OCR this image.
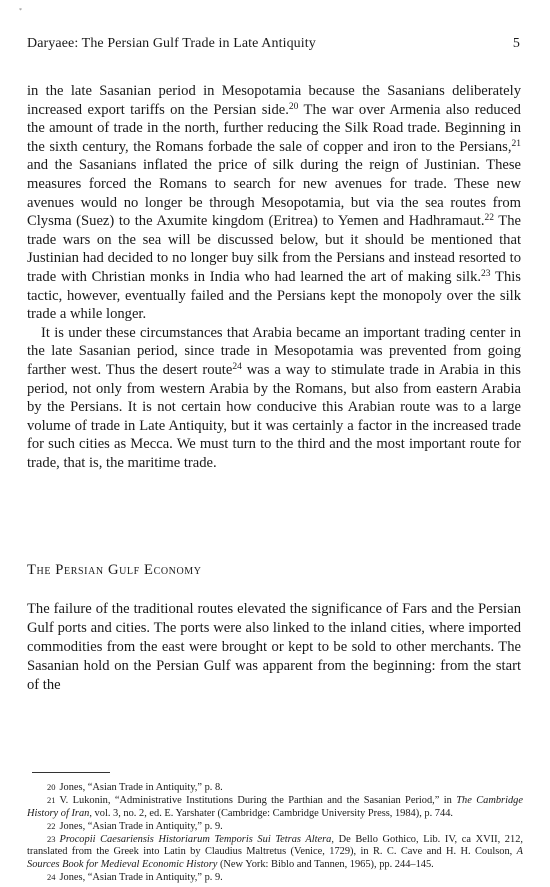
*
Daryaee: The Persian Gulf Trade in Late Antiquity	5

in the late Sasanian period in Mesopotamia because the Sasanians deliberately increased export tariffs on the Persian side.$^{20}$ The war over Armenia also reduced the amount of trade in the north, further reducing the Silk Road trade. Beginning in the sixth century, the Romans forbade the sale of copper and iron to the Persians,$^{21}$ and the Sasanians inflated the price of silk during the reign of Justinian. These measures forced the Romans to search for new avenues for trade. These new avenues would no longer be through Mesopotamia, but via the sea routes from Clysma (Suez) to the Axumite kingdom (Eritrea) to Yemen and Hadhramaut.$^{22}$ The trade wars on the sea will be discussed below, but it should be mentioned that Justinian had decided to no longer buy silk from the Persians and instead resorted to trade with Christian monks in India who had learned the art of making silk.$^{23}$ This tactic, however, eventually failed and the Persians kept the monopoly over the silk trade a while longer.

It is under these circumstances that Arabia became an important trading center in the late Sasanian period, since trade in Mesopotamia was prevented from going farther west. Thus the desert route$^{24}$ was a way to stimulate trade in Arabia in this period, not only from western Arabia by the Romans, but also from eastern Arabia by the Persians. It is not certain how conducive this Arabian route was to a large volume of trade in Late Antiquity, but it was certainly a factor in the increased trade for such cities as Mecca. We must turn to the third and the most important route for trade, that is, the maritime trade.

The Persian Gulf Economy

The failure of the traditional routes elevated the significance of Fars and the Persian Gulf ports and cities. The ports were also linked to the inland cities, where imported commodities from the east were brought or kept to be sold to other merchants. The Sasanian hold on the Persian Gulf was apparent from the beginning: from the start of the

20 Jones, “Asian Trade in Antiquity,” p. 8.

21 V. Lukonin, “Administrative Institutions During the Parthian and the Sasanian Period,” in The Cambridge History of Iran, vol. 3, no. 2, ed. E. Yarshater (Cambridge: Cambridge University Press, 1984), p. 744.

22 Jones, “Asian Trade in Antiquity,” p. 9.

23 Procopii Caesariensis Historiarum Temporis Sui Tetras Altera, De Bello Gothico, Lib. IV, ca XVII, 212, translated from the Greek into Latin by Claudius Maltretus (Venice, 1729), in R. C. Cave and H. H. Coulson, A Sources Book for Medieval Economic History (New York: Biblo and Tannen, 1965), pp. 244–145.

24 Jones, “Asian Trade in Antiquity,” p. 9.
